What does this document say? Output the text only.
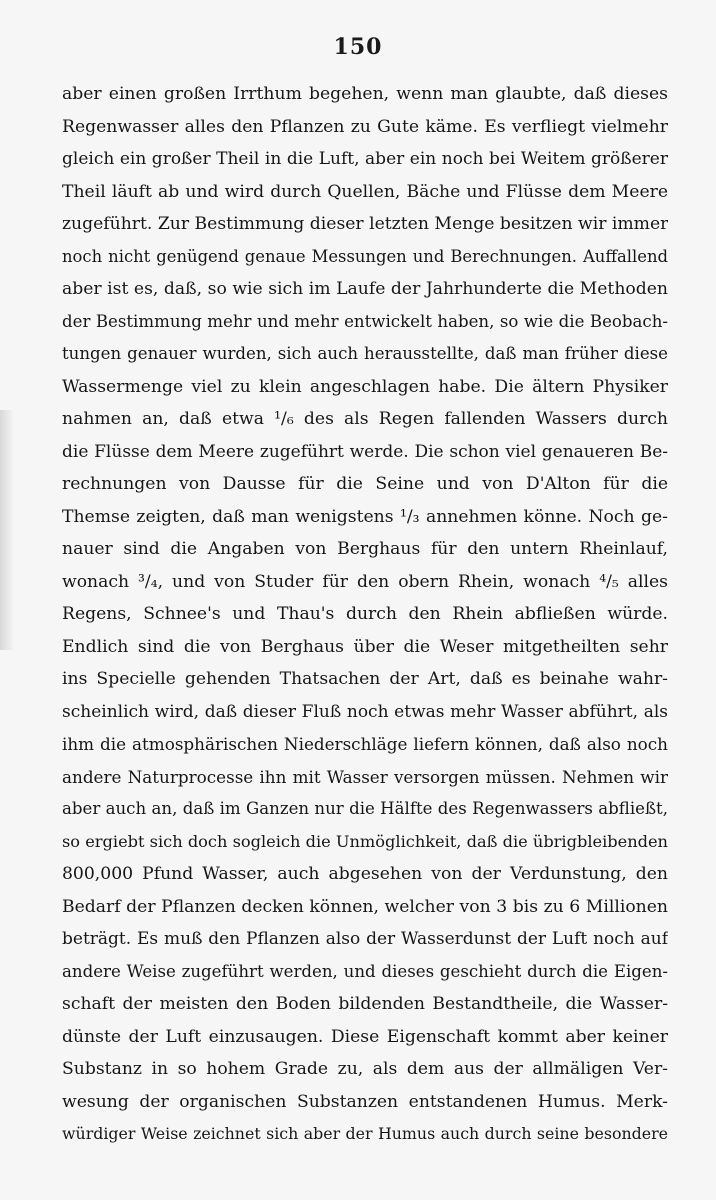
150
aber einen großen Irrthum begehen, wenn man glaubte, daß dieses
Regenwasser alles den Pflanzen zu Gute käme. Es verfliegt vielmehr
gleich ein großer Theil in die Luft, aber ein noch bei Weitem größerer
Theil läuft ab und wird durch Quellen, Bäche und Flüsse dem Meere
zugeführt. Zur Bestimmung dieser letzten Menge besitzen wir immer
noch nicht genügend genaue Messungen und Berechnungen. Auffallend
aber ist es, daß, so wie sich im Laufe der Jahrhunderte die Methoden
der Bestimmung mehr und mehr entwickelt haben, so wie die Beobach-
tungen genauer wurden, sich auch herausstellte, daß man früher diese
Wassermenge viel zu klein angeschlagen habe. Die ältern Physiker
nahmen an, daß etwa ¹/₆ des als Regen fallenden Wassers durch
die Flüsse dem Meere zugeführt werde. Die schon viel genaueren Be-
rechnungen von Dausse für die Seine und von D'Alton für die
Themse zeigten, daß man wenigstens ¹/₃ annehmen könne. Noch ge-
nauer sind die Angaben von Berghaus für den untern Rheinlauf,
wonach ³/₄, und von Studer für den obern Rhein, wonach ⁴/₅ alles
Regens, Schnee's und Thau's durch den Rhein abfließen würde.
Endlich sind die von Berghaus über die Weser mitgetheilten sehr
ins Specielle gehenden Thatsachen der Art, daß es beinahe wahr-
scheinlich wird, daß dieser Fluß noch etwas mehr Wasser abführt, als
ihm die atmosphärischen Niederschläge liefern können, daß also noch
andere Naturprocesse ihn mit Wasser versorgen müssen. Nehmen wir
aber auch an, daß im Ganzen nur die Hälfte des Regenwassers abfließt,
so ergiebt sich doch sogleich die Unmöglichkeit, daß die übrigbleibenden
800,000 Pfund Wasser, auch abgesehen von der Verdunstung, den
Bedarf der Pflanzen decken können, welcher von 3 bis zu 6 Millionen
beträgt. Es muß den Pflanzen also der Wasserdunst der Luft noch auf
andere Weise zugeführt werden, und dieses geschieht durch die Eigen-
schaft der meisten den Boden bildenden Bestandtheile, die Wasser-
dünste der Luft einzusaugen. Diese Eigenschaft kommt aber keiner
Substanz in so hohem Grade zu, als dem aus der allmäligen Ver-
wesung der organischen Substanzen entstandenen Humus. Merk-
würdiger Weise zeichnet sich aber der Humus auch durch seine besondere
